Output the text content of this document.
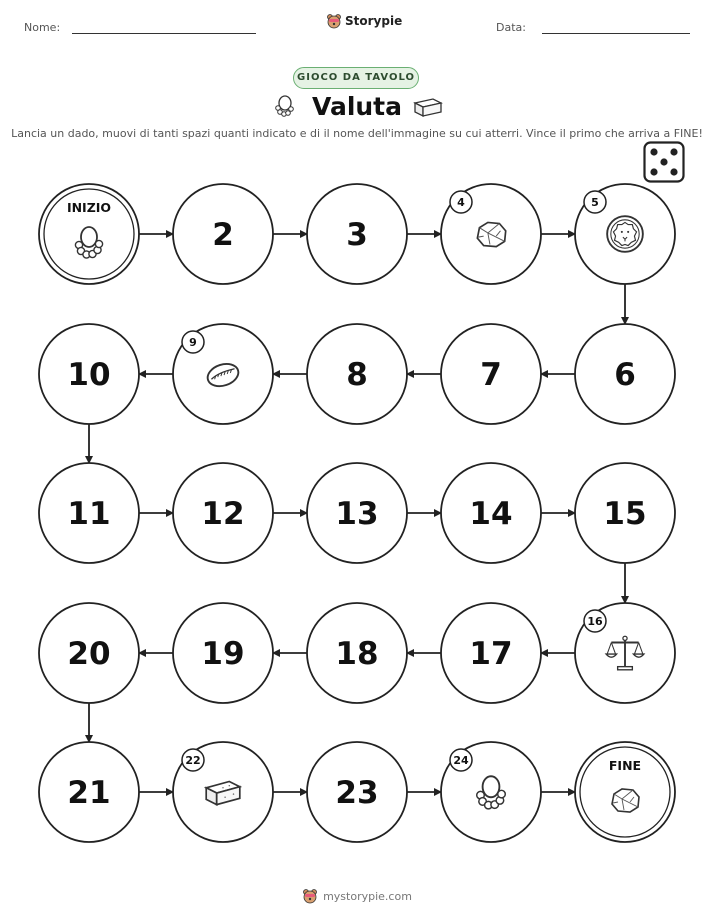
Nome:	Storypie	Data:
GIOCO DA TAVOLO
Valuta
Lancia un dado, muovi di tanti spazi quanti indicato e di il nome dell'immagine su cui atterri. Vince il primo che arriva a FINE!
INIZIO
2	3
4	5
6
7
8
9
10
11	12	13	14	15
16
17
18
19
20
21
22
23
24	FINE
mystorypie.com
